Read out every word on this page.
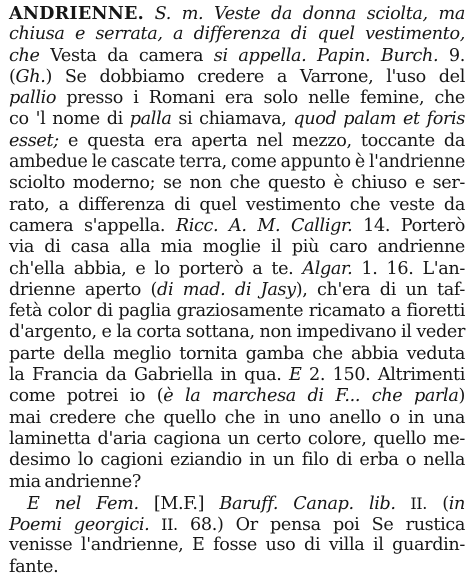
ANDRIENNE. S. m. Veste da donna sciolta, ma
chiusa e serrata, a differenza di quel vestimento,
che Vesta da camera si appella. Papin. Burch. 9.
(Gh.) Se dobbiamo credere a Varrone, l'uso del
pallio presso i Romani era solo nelle femine, che
co 'l nome di palla si chiamava, quod palam et foris
esset; e questa era aperta nel mezzo, toccante da
ambedue le cascate terra, come appunto è l'andrienne
sciolto moderno; se non che questo è chiuso e ser-
rato, a differenza di quel vestimento che veste da
camera s'appella. Ricc. A. M. Calligr. 14. Porterò
via di casa alla mia moglie il più caro andrienne
ch'ella abbia, e lo porterò a te. Algar. 1. 16. L'an-
drienne aperto (di mad. di Jasy), ch'era di un taf-
fetà color di paglia graziosamente ricamato a fioretti
d'argento, e la corta sottana, non impedivano il veder
parte della meglio tornita gamba che abbia veduta
la Francia da Gabriella in qua. E 2. 150. Altrimenti
come potrei io (è la marchesa di F... che parla)
mai credere che quello che in uno anello o in una
laminetta d'aria cagiona un certo colore, quello me-
desimo lo cagioni eziandio in un filo di erba o nella
mia andrienne?
E nel Fem. [M.F.] Baruff. Canap. lib. II. (in
Poemi georgici. II. 68.) Or pensa poi Se rustica
venisse l'andrienne, E fosse uso di villa il guardin-
fante.
